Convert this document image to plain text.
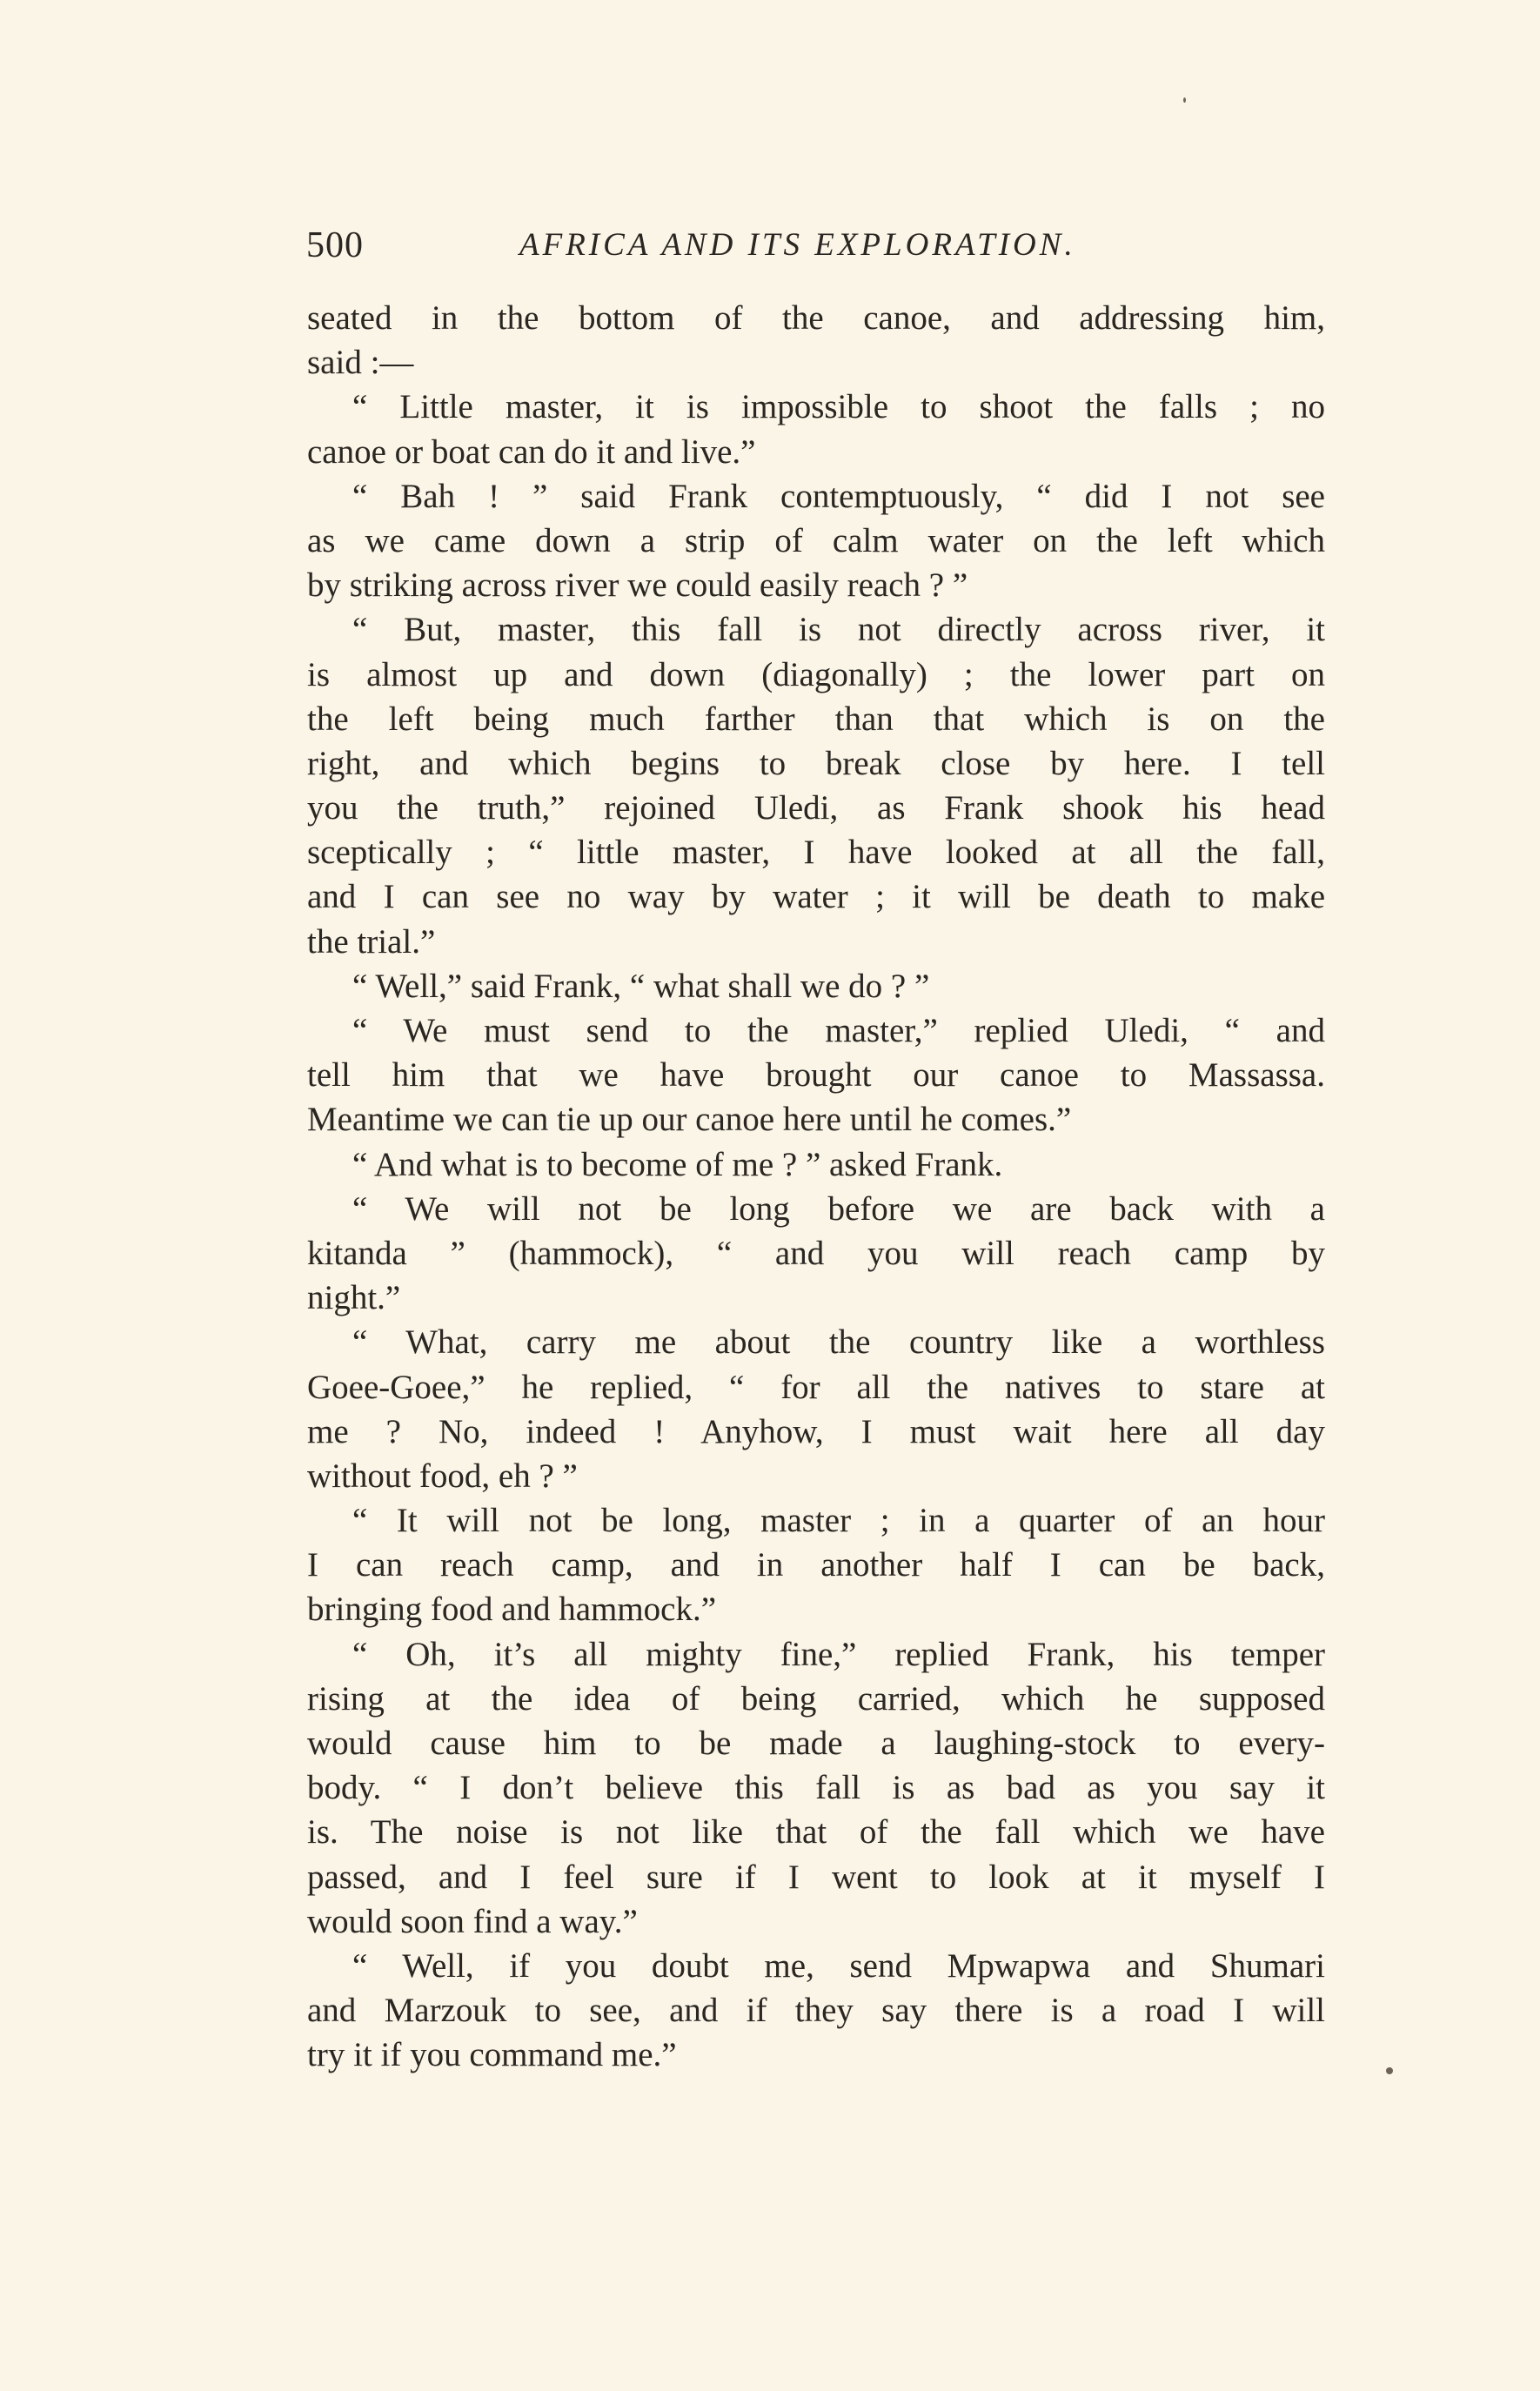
500	AFRICA AND ITS EXPLORATION.
seated in the bottom of the canoe, and addressing him,
said :—
“ Little master, it is impossible to shoot the falls ; no
canoe or boat can do it and live.”
“ Bah ! ” said Frank contemptuously, “ did I not see
as we came down a strip of calm water on the left which
by striking across river we could easily reach ? ”
“ But, master, this fall is not directly across river, it
is almost up and down (diagonally) ; the lower part on
the left being much farther than that which is on the
right, and which begins to break close by here. I tell
you the truth,” rejoined Uledi, as Frank shook his head
sceptically ; “ little master, I have looked at all the fall,
and I can see no way by water ; it will be death to make
the trial.”
“ Well,” said Frank, “ what shall we do ? ”
“ We must send to the master,” replied Uledi, “ and
tell him that we have brought our canoe to Massassa.
Meantime we can tie up our canoe here until he comes.”
“ And what is to become of me ? ” asked Frank.
“ We will not be long before we are back with a
kitanda ” (hammock), “ and you will reach camp by
night.”
“ What, carry me about the country like a worthless
Goee-Goee,” he replied, “ for all the natives to stare at
me ? No, indeed ! Anyhow, I must wait here all day
without food, eh ? ”
“ It will not be long, master ; in a quarter of an hour
I can reach camp, and in another half I can be back,
bringing food and hammock.”
“ Oh, it’s all mighty fine,” replied Frank, his temper
rising at the idea of being carried, which he supposed
would cause him to be made a laughing-stock to every-
body. “ I don’t believe this fall is as bad as you say it
is. The noise is not like that of the fall which we have
passed, and I feel sure if I went to look at it myself I
would soon find a way.”
“ Well, if you doubt me, send Mpwapwa and Shumari
and Marzouk to see, and if they say there is a road I will
try it if you command me.”
